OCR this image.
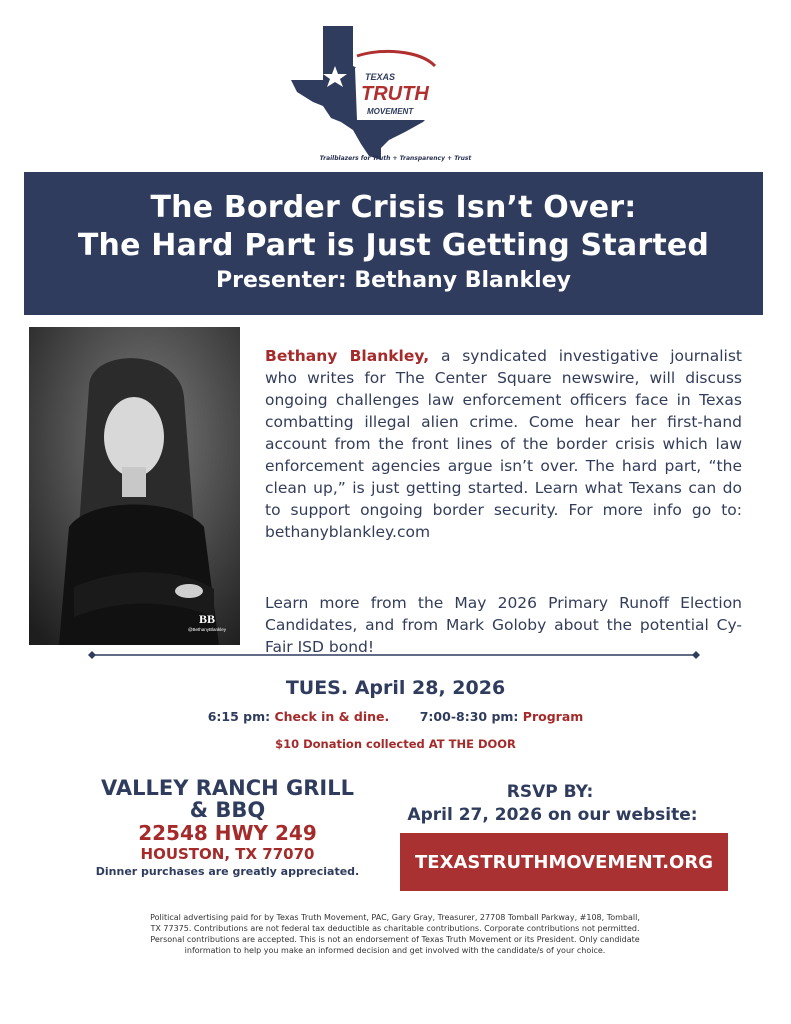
TEXAS
TRUTH
MOVEMENT
Trailblazers for Truth + Transparency + Trust
The Border Crisis Isn’t Over:
The Hard Part is Just Getting Started
Presenter: Bethany Blankley
BB
@BethanyBlankley

Bethany Blankley, a syndicated investigative journalist who writes for The Center Square newswire, will discuss ongoing challenges law enforcement officers face in Texas combatting illegal alien crime. Come hear her first-hand account from the front lines of the border crisis which law enforcement agencies argue isn’t over. The hard part, “the clean up,” is just getting started. Learn what Texans can do to support ongoing border security. For more info go to: bethanyblankley.com

Learn more from the May 2026 Primary Runoff Election Candidates, and from Mark Goloby about the potential Cy-Fair ISD bond!
TUES. April 28, 2026
6:15 pm: Check in & dine. 7:00-8:30 pm: Program
$10 Donation collected AT THE DOOR
VALLEY RANCH GRILL
& BBQ
22548 HWY 249
HOUSTON, TX 77070
Dinner purchases are greatly appreciated.
RSVP BY:
April 27, 2026 on our website:
TEXASTRUTHMOVEMENT.ORG
Political advertising paid for by Texas Truth Movement, PAC, Gary Gray, Treasurer, 27708 Tomball Parkway, #108, Tomball, TX 77375. Contributions are not federal tax deductible as charitable contributions. Corporate contributions not permitted. Personal contributions are accepted. This is not an endorsement of Texas Truth Movement or its President. Only candidate information to help you make an informed decision and get involved with the candidate/s of your choice.
